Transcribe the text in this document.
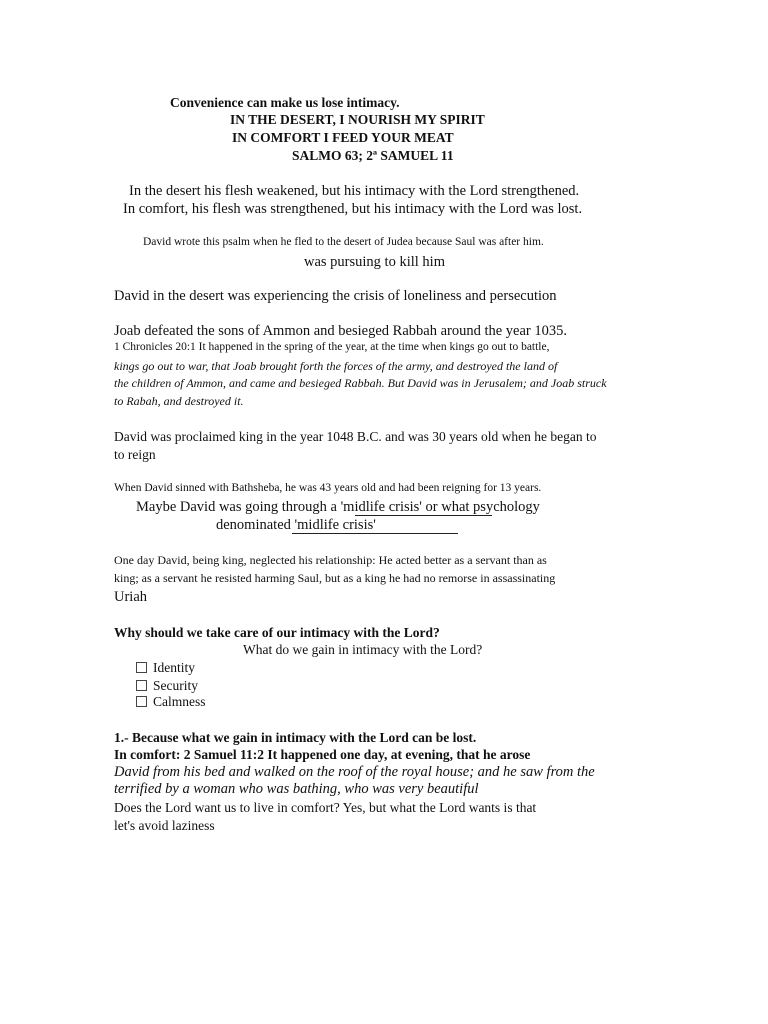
Convenience can make us lose intimacy.
IN THE DESERT, I NOURISH MY SPIRIT
IN COMFORT I FEED YOUR MEAT
SALMO 63; 2ª SAMUEL 11
In the desert his flesh weakened, but his intimacy with the Lord strengthened.
In comfort, his flesh was strengthened, but his intimacy with the Lord was lost.
David wrote this psalm when he fled to the desert of Judea because Saul was after him.
was pursuing to kill him
David in the desert was experiencing the crisis of loneliness and persecution
Joab defeated the sons of Ammon and besieged Rabbah around the year 1035.
1 Chronicles 20:1 It happened in the spring of the year, at the time when kings go out to battle,
kings go out to war, that Joab brought forth the forces of the army, and destroyed the land of
the children of Ammon, and came and besieged Rabbah. But David was in Jerusalem; and Joab struck
to Rabah, and destroyed it.
David was proclaimed king in the year 1048 B.C. and was 30 years old when he began to
to reign
When David sinned with Bathsheba, he was 43 years old and had been reigning for 13 years.
Maybe David was going through a 'midlife crisis' or what psychology
denominated 'midlife crisis'
One day David, being king, neglected his relationship: He acted better as a servant than as
king; as a servant he resisted harming Saul, but as a king he had no remorse in assassinating
Uriah
Why should we take care of our intimacy with the Lord?
What do we gain in intimacy with the Lord?
Identity
Security
Calmness
1.- Because what we gain in intimacy with the Lord can be lost.
In comfort: 2 Samuel 11:2 It happened one day, at evening, that he arose
David from his bed and walked on the roof of the royal house; and he saw from the
terrified by a woman who was bathing, who was very beautiful
Does the Lord want us to live in comfort? Yes, but what the Lord wants is that
let's avoid laziness
